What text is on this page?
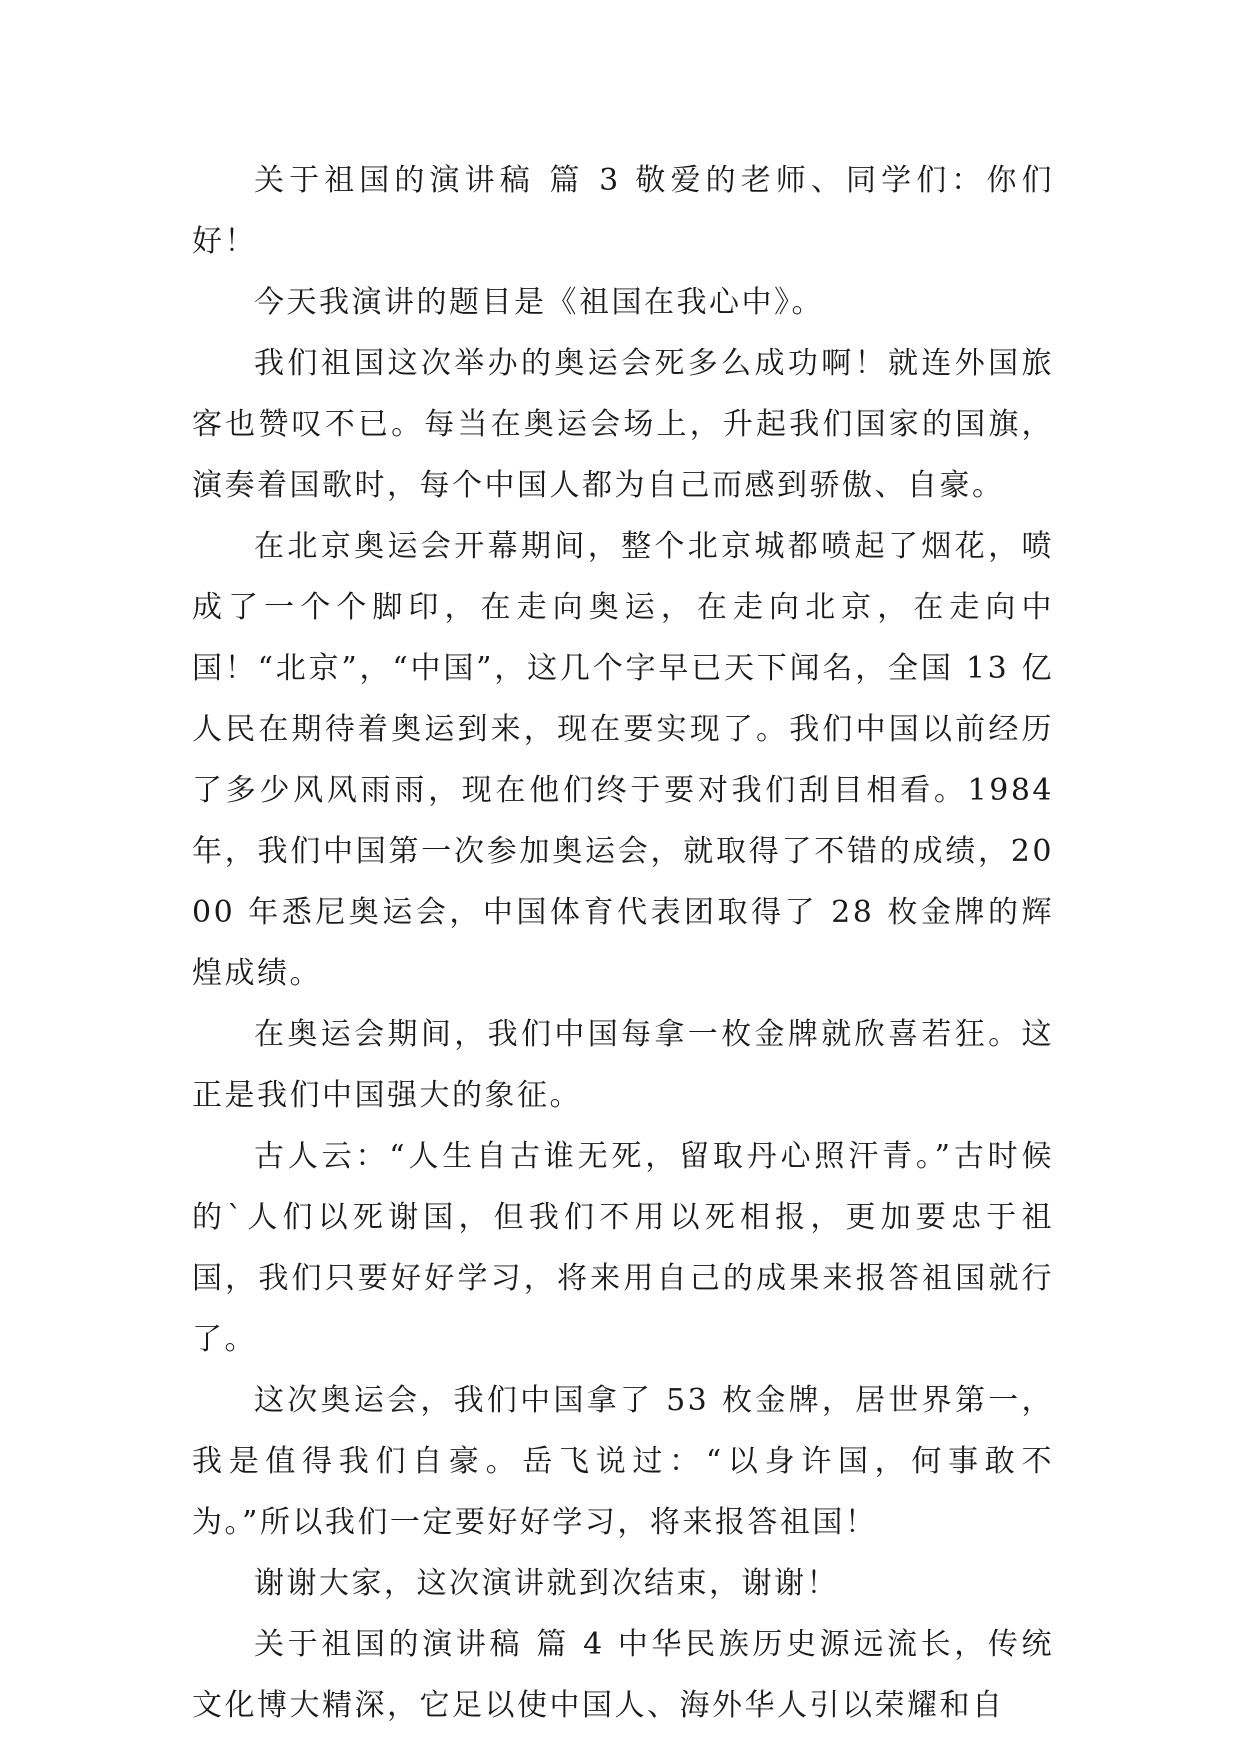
关于祖国的演讲稿 篇 3 敬爱的老师、同学们：你们好！

今天我演讲的题目是《祖国在我心中》。

我们祖国这次举办的奥运会死多么成功啊！就连外国旅客也赞叹不已。每当在奥运会场上，升起我们国家的国旗，演奏着国歌时，每个中国人都为自己而感到骄傲、自豪。

在北京奥运会开幕期间，整个北京城都喷起了烟花，喷成了一个个脚印，在走向奥运，在走向北京，在走向中国！“北京”，“中国”，这几个字早已天下闻名，全国 13 亿人民在期待着奥运到来，现在要实现了。我们中国以前经历了多少风风雨雨，现在他们终于要对我们刮目相看。1984 年，我们中国第一次参加奥运会，就取得了不错的成绩，2000 年悉尼奥运会，中国体育代表团取得了 28 枚金牌的辉煌成绩。

在奥运会期间，我们中国每拿一枚金牌就欣喜若狂。这正是我们中国强大的象征。

古人云：“人生自古谁无死，留取丹心照汗青。”古时候的`人们以死谢国，但我们不用以死相报，更加要忠于祖国，我们只要好好学习，将来用自己的成果来报答祖国就行了。

这次奥运会，我们中国拿了 53 枚金牌，居世界第一，我是值得我们自豪。岳飞说过：“以身许国，何事敢不为。”所以我们一定要好好学习，将来报答祖国！

谢谢大家，这次演讲就到次结束，谢谢！

关于祖国的演讲稿 篇 4 中华民族历史源远流长，传统文化博大精深，它足以使中国人、海外华人引以荣耀和自
